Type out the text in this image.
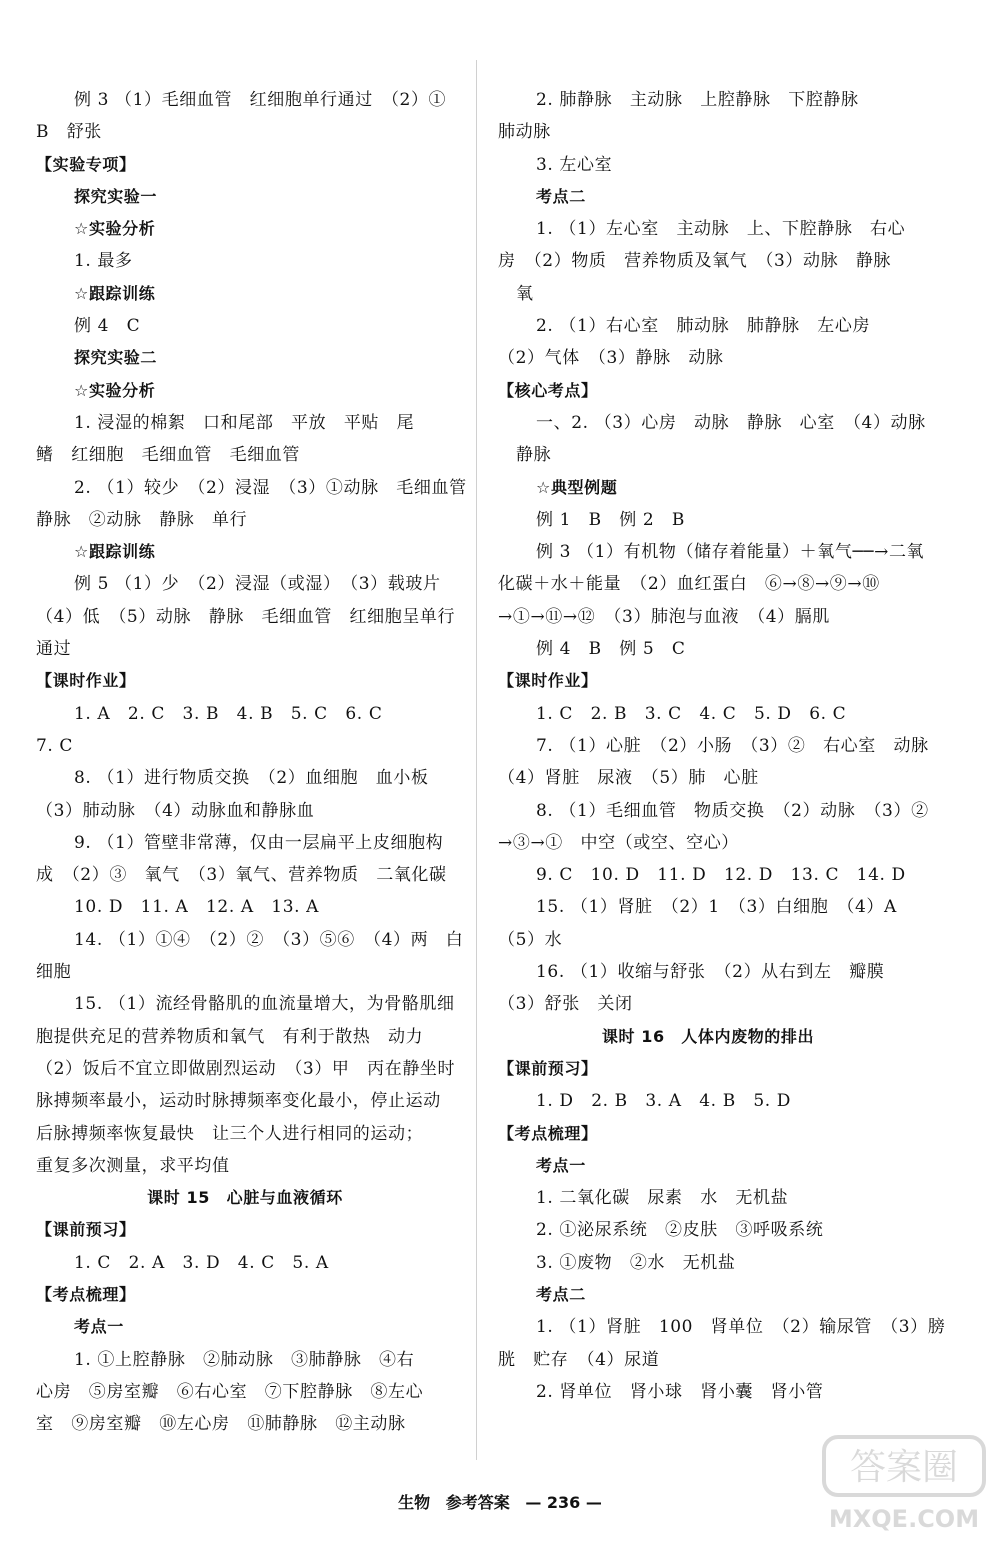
例 3 （1）毛细血管　红细胞单行通过　（2）①
B　舒张
【实验专项】
探究实验一
☆实验分析
1. 最多
☆跟踪训练
例 4　C
探究实验二
☆实验分析
1. 浸湿的棉絮　口和尾部　平放　平贴　尾
鳍　红细胞　毛细血管　毛细血管
2. （1）较少　（2）浸湿　（3）①动脉　毛细血管
静脉　②动脉　静脉　单行
☆跟踪训练
例 5 （1）少　（2）浸湿（或湿）　（3）载玻片
（4）低　（5）动脉　静脉　毛细血管　红细胞呈单行
通过
【课时作业】
1. A　2. C　3. B　4. B　5. C　6. C
7. C
8. （1）进行物质交换　（2）血细胞　血小板
（3）肺动脉　（4）动脉血和静脉血
9. （1）管壁非常薄，仅由一层扁平上皮细胞构
成　（2）③　氧气　（3）氧气、营养物质　二氧化碳
10. D　11. A　12. A　13. A
14. （1）①④　（2）②　（3）⑤⑥　（4）两　白
细胞
15. （1）流经骨骼肌的血流量增大，为骨骼肌细
胞提供充足的营养物质和氧气　有利于散热　动力
（2）饭后不宜立即做剧烈运动　（3）甲　丙在静坐时
脉搏频率最小，运动时脉搏频率变化最小，停止运动
后脉搏频率恢复最快　让三个人进行相同的运动；
重复多次测量，求平均值
课时 15　心脏与血液循环
【课前预习】
1. C　2. A　3. D　4. C　5. A
【考点梳理】
考点一
1. ①上腔静脉　②肺动脉　③肺静脉　④右
心房　⑤房室瓣　⑥右心室　⑦下腔静脉　⑧左心
室　⑨房室瓣　⑩左心房　⑪肺静脉　⑫主动脉
2. 肺静脉　主动脉　上腔静脉　下腔静脉
肺动脉
3. 左心室
考点二
1. （1）左心室　主动脉　上、下腔静脉　右心
房　（2）物质　营养物质及氧气　（3）动脉　静脉
氧
2. （1）右心室　肺动脉　肺静脉　左心房
（2）气体　（3）静脉　动脉
【核心考点】
一、2. （3）心房　动脉　静脉　心室　（4）动脉
静脉
☆典型例题
例 1　B　例 2　B
例 3 （1）有机物（储存着能量）＋氧气──→二氧
化碳＋水＋能量　（2）血红蛋白　⑥→⑧→⑨→⑩
→①→⑪→⑫　（3）肺泡与血液　（4）膈肌
例 4　B　例 5　C
【课时作业】
1. C　2. B　3. C　4. C　5. D　6. C
7. （1）心脏　（2）小肠　（3）②　右心室　动脉
（4）肾脏　尿液　（5）肺　心脏
8. （1）毛细血管　物质交换　（2）动脉　（3）②
→③→①　中空（或空、空心）
9. C　10. D　11. D　12. D　13. C　14. D
15. （1）肾脏　（2）1　（3）白细胞　（4）A
（5）水
16. （1）收缩与舒张　（2）从右到左　瓣膜
（3）舒张　关闭
课时 16　人体内废物的排出
【课前预习】
1. D　2. B　3. A　4. B　5. D
【考点梳理】
考点一
1. 二氧化碳　尿素　水　无机盐
2. ①泌尿系统　②皮肤　③呼吸系统
3. ①废物　②水　无机盐
考点二
1. （1）肾脏　100　肾单位　（2）输尿管　（3）膀
胱　贮存　（4）尿道
2. 肾单位　肾小球　肾小囊　肾小管
生物 参考答案 — 236 —
答案圈
MXQE.COM
